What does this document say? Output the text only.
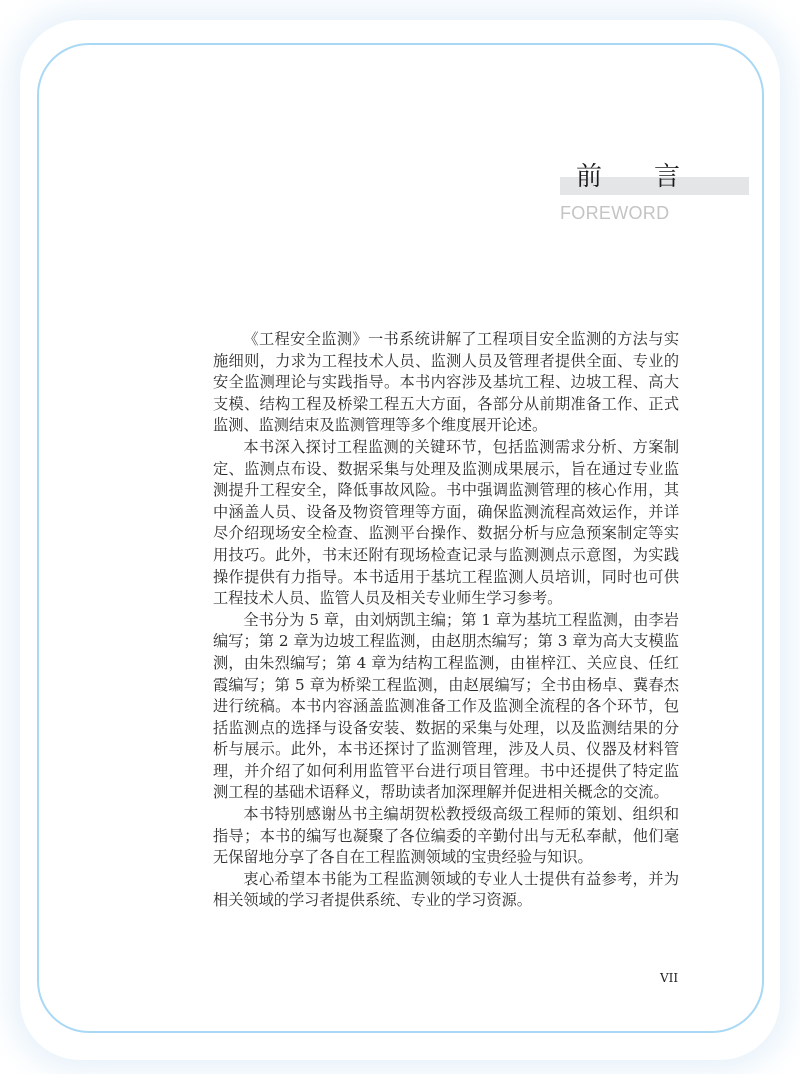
前 言
FOREWORD

《工程安全监测》一书系统讲解了工程项目安全监测的方法与实施细则，力求为工程技术人员、监测人员及管理者提供全面、专业的安全监测理论与实践指导。本书内容涉及基坑工程、边坡工程、高大支模、结构工程及桥梁工程五大方面，各部分从前期准备工作、正式监测、监测结束及监测管理等多个维度展开论述。

本书深入探讨工程监测的关键环节，包括监测需求分析、方案制定、监测点布设、数据采集与处理及监测成果展示，旨在通过专业监测提升工程安全，降低事故风险。书中强调监测管理的核心作用，其中涵盖人员、设备及物资管理等方面，确保监测流程高效运作，并详尽介绍现场安全检查、监测平台操作、数据分析与应急预案制定等实用技巧。此外，书末还附有现场检查记录与监测测点示意图，为实践操作提供有力指导。本书适用于基坑工程监测人员培训，同时也可供工程技术人员、监管人员及相关专业师生学习参考。

全书分为 5 章，由刘炳凯主编；第 1 章为基坑工程监测，由李岩编写；第 2 章为边坡工程监测，由赵朋杰编写；第 3 章为高大支模监测，由朱烈编写；第 4 章为结构工程监测，由崔梓江、关应良、任红霞编写；第 5 章为桥梁工程监测，由赵展编写；全书由杨卓、冀春杰进行统稿。本书内容涵盖监测准备工作及监测全流程的各个环节，包括监测点的选择与设备安装、数据的采集与处理，以及监测结果的分析与展示。此外，本书还探讨了监测管理，涉及人员、仪器及材料管理，并介绍了如何利用监管平台进行项目管理。书中还提供了特定监测工程的基础术语释义，帮助读者加深理解并促进相关概念的交流。

本书特别感谢丛书主编胡贺松教授级高级工程师的策划、组织和指导；本书的编写也凝聚了各位编委的辛勤付出与无私奉献，他们毫无保留地分享了各自在工程监测领域的宝贵经验与知识。

衷心希望本书能为工程监测领域的专业人士提供有益参考，并为相关领域的学习者提供系统、专业的学习资源。

VII
